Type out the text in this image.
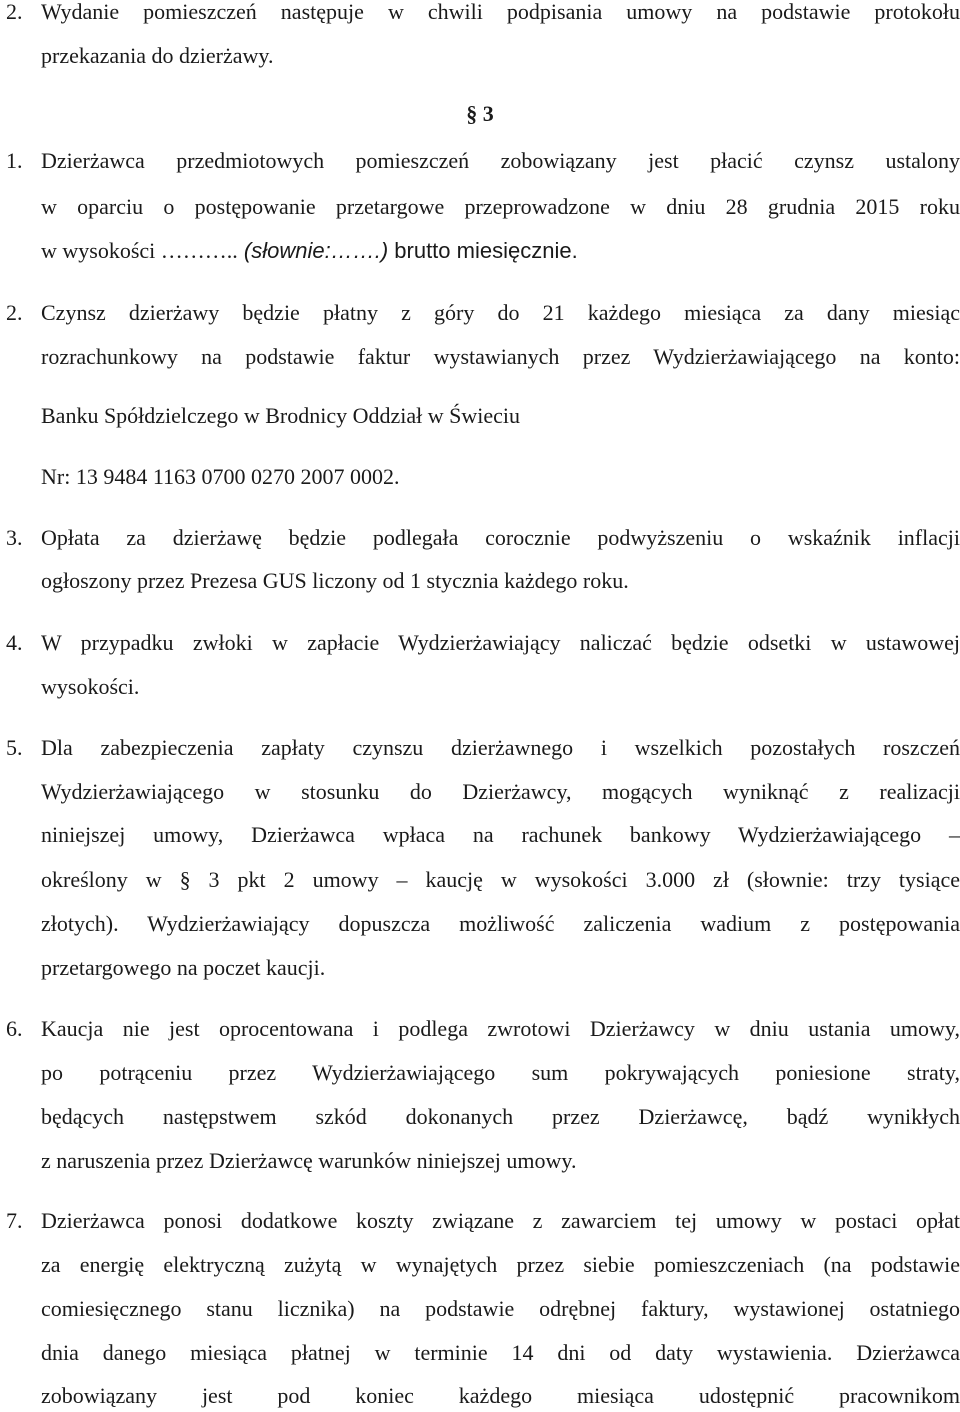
2. Wydanie pomieszczeń następuje w chwili podpisania umowy na podstawie protokołu
przekazania do dzierżawy.
§ 3
1. Dzierżawca przedmiotowych pomieszczeń zobowiązany jest płacić czynsz ustalony
w oparciu o postępowanie przetargowe przeprowadzone w dniu 28 grudnia 2015 roku
w wysokości ……….. (słownie:…….) brutto miesięcznie.
2. Czynsz dzierżawy będzie płatny z góry do 21 każdego miesiąca za dany miesiąc
rozrachunkowy na podstawie faktur wystawianych przez Wydzierżawiającego na konto:
Banku Spółdzielczego w Brodnicy Oddział w Świeciu
Nr: 13 9484 1163 0700 0270 2007 0002.
3. Opłata za dzierżawę będzie podlegała corocznie podwyższeniu o wskaźnik inflacji
ogłoszony przez Prezesa GUS liczony od 1 stycznia każdego roku.
4. W przypadku zwłoki w zapłacie Wydzierżawiający naliczać będzie odsetki w ustawowej
wysokości.
5. Dla zabezpieczenia zapłaty czynszu dzierżawnego i wszelkich pozostałych roszczeń
Wydzierżawiającego w stosunku do Dzierżawcy, mogących wyniknąć z realizacji
niniejszej umowy, Dzierżawca wpłaca na rachunek bankowy Wydzierżawiającego –
określony w § 3 pkt 2 umowy – kaucję w wysokości 3.000 zł (słownie: trzy tysiące
złotych). Wydzierżawiający dopuszcza możliwość zaliczenia wadium z postępowania
przetargowego na poczet kaucji.
6. Kaucja nie jest oprocentowana i podlega zwrotowi Dzierżawcy w dniu ustania umowy,
po potrąceniu przez Wydzierżawiającego sum pokrywających poniesione straty,
będących następstwem szkód dokonanych przez Dzierżawcę, bądź wynikłych
z naruszenia przez Dzierżawcę warunków niniejszej umowy.
7. Dzierżawca ponosi dodatkowe koszty związane z zawarciem tej umowy w postaci opłat
za energię elektryczną zużytą w wynajętych przez siebie pomieszczeniach (na podstawie
comiesięcznego stanu licznika) na podstawie odrębnej faktury, wystawionej ostatniego
dnia danego miesiąca płatnej w terminie 14 dni od daty wystawienia. Dzierżawca
zobowiązany jest pod koniec każdego miesiąca udostępnić pracownikom
